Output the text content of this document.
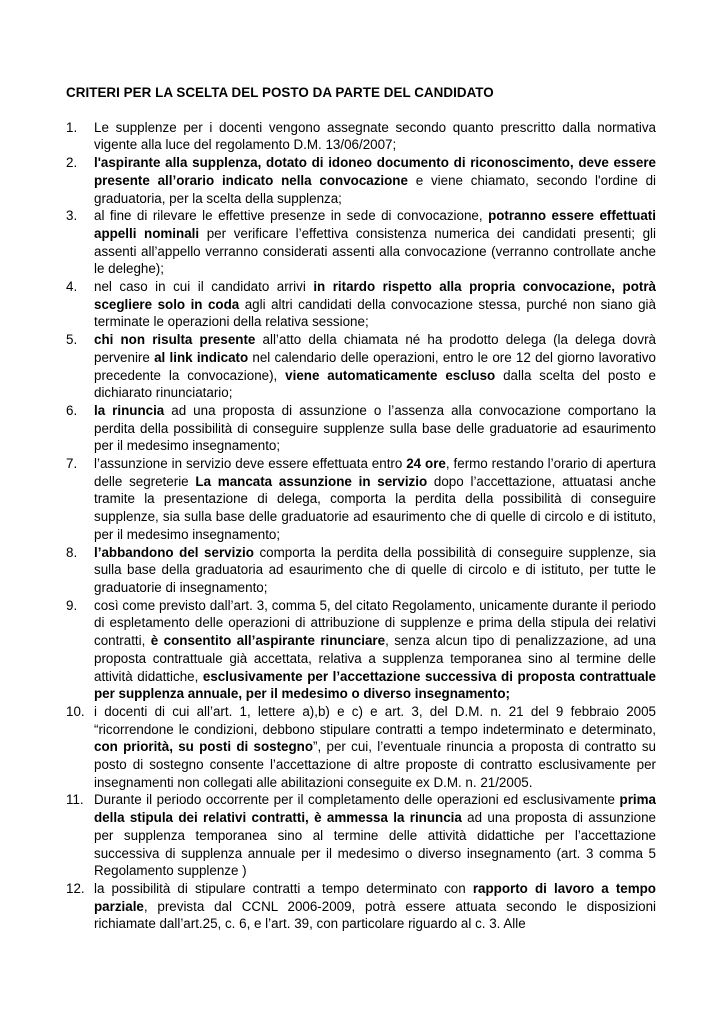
CRITERI PER LA SCELTA DEL POSTO DA PARTE DEL CANDIDATO
1. Le supplenze per i docenti vengono assegnate secondo quanto prescritto dalla normativa vigente alla luce del regolamento D.M. 13/06/2007;
2. l'aspirante alla supplenza, dotato di idoneo documento di riconoscimento, deve essere presente all’orario indicato nella convocazione e viene chiamato, secondo l'ordine di graduatoria, per la scelta della supplenza;
3. al fine di rilevare le effettive presenze in sede di convocazione, potranno essere effettuati appelli nominali per verificare l’effettiva consistenza numerica dei candidati presenti; gli assenti all’appello verranno considerati assenti alla convocazione (verranno controllate anche le deleghe);
4. nel caso in cui il candidato arrivi in ritardo rispetto alla propria convocazione, potrà scegliere solo in coda agli altri candidati della convocazione stessa, purché non siano già terminate le operazioni della relativa sessione;
5. chi non risulta presente all’atto della chiamata né ha prodotto delega (la delega dovrà pervenire al link indicato nel calendario delle operazioni, entro le ore 12 del giorno lavorativo precedente la convocazione), viene automaticamente escluso dalla scelta del posto e dichiarato rinunciatario;
6. la rinuncia ad una proposta di assunzione o l’assenza alla convocazione comportano la perdita della possibilità di conseguire supplenze sulla base delle graduatorie ad esaurimento per il medesimo insegnamento;
7. l’assunzione in servizio deve essere effettuata entro 24 ore, fermo restando l’orario di apertura delle segreterie La mancata assunzione in servizio dopo l’accettazione, attuatasi anche tramite la presentazione di delega, comporta la perdita della possibilità di conseguire supplenze, sia sulla base delle graduatorie ad esaurimento che di quelle di circolo e di istituto, per il medesimo insegnamento;
8. l’abbandono del servizio comporta la perdita della possibilità di conseguire supplenze, sia sulla base della graduatoria ad esaurimento che di quelle di circolo e di istituto, per tutte le graduatorie di insegnamento;
9. così come previsto dall’art. 3, comma 5, del citato Regolamento, unicamente durante il periodo di espletamento delle operazioni di attribuzione di supplenze e prima della stipula dei relativi contratti, è consentito all’aspirante rinunciare, senza alcun tipo di penalizzazione, ad una proposta contrattuale già accettata, relativa a supplenza temporanea sino al termine delle attività didattiche, esclusivamente per l’accettazione successiva di proposta contrattuale per supplenza annuale, per il medesimo o diverso insegnamento;
10. i docenti di cui all’art. 1, lettere a),b) e c) e art. 3, del D.M. n. 21 del 9 febbraio 2005 “ricorrendone le condizioni, debbono stipulare contratti a tempo indeterminato e determinato, con priorità, su posti di sostegno”, per cui, l’eventuale rinuncia a proposta di contratto su posto di sostegno consente l’accettazione di altre proposte di contratto esclusivamente per insegnamenti non collegati alle abilitazioni conseguite ex D.M. n. 21/2005.
11. Durante il periodo occorrente per il completamento delle operazioni ed esclusivamente prima della stipula dei relativi contratti, è ammessa la rinuncia ad una proposta di assunzione per supplenza temporanea sino al termine delle attività didattiche per l’accettazione successiva di supplenza annuale per il medesimo o diverso insegnamento (art. 3 comma 5 Regolamento supplenze )
12. la possibilità di stipulare contratti a tempo determinato con rapporto di lavoro a tempo parziale, prevista dal CCNL 2006-2009, potrà essere attuata secondo le disposizioni richiamate dall’art.25, c. 6, e l’art. 39, con particolare riguardo al c. 3. Alle
